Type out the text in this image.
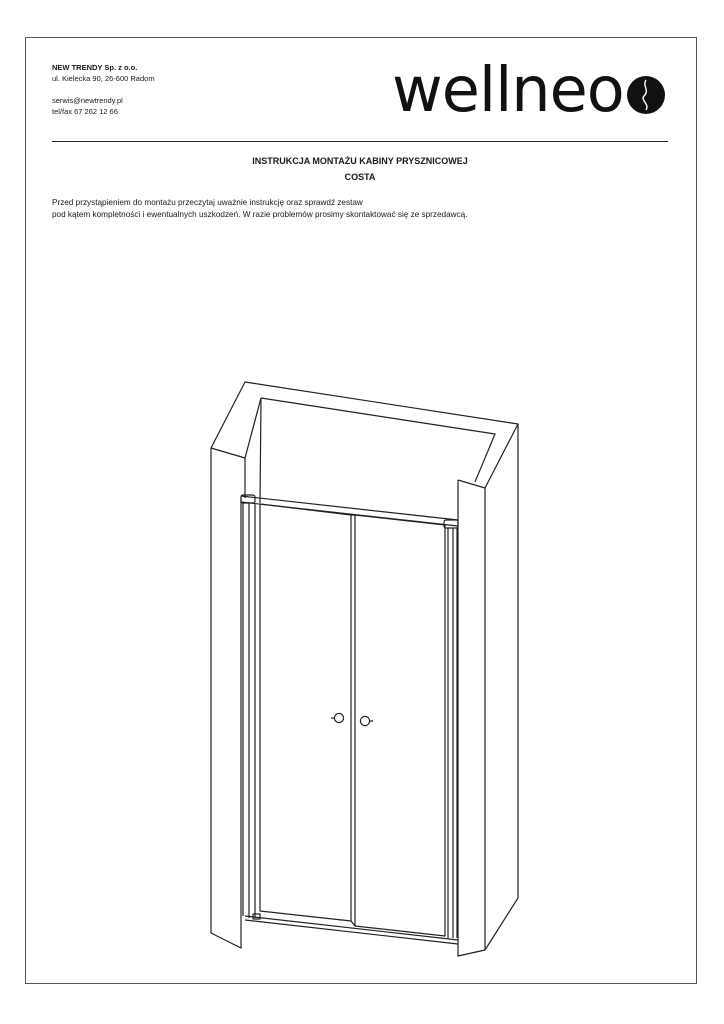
NEW TRENDY Sp. z o.o.
ul. Kielecka 90, 26-600 Radom
serwis@newtrendy.pl
tel/fax 67 262 12 66	wellneo
INSTRUKCJA MONTAŻU KABINY PRYSZNICOWEJ
COSTA
Przed przystąpieniem do montażu przeczytaj uważnie instrukcję oraz sprawdź zestaw
pod kątem kompletności i ewentualnych uszkodzeń. W razie problemów prosimy skontaktować się ze sprzedawcą.
